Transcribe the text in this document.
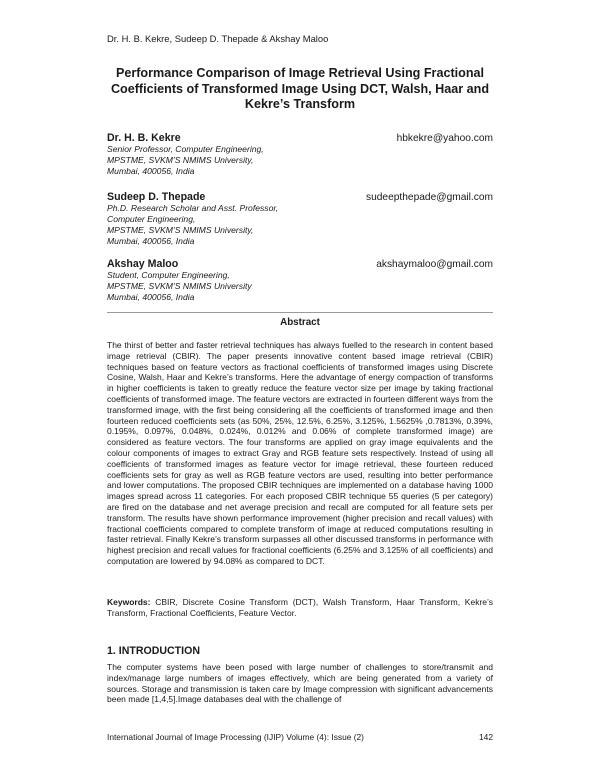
Dr. H. B. Kekre, Sudeep D. Thepade & Akshay Maloo
Performance Comparison of Image Retrieval Using Fractional Coefficients of Transformed Image Using DCT, Walsh, Haar and Kekre’s Transform
Dr. H. B. Kekre	hbkekre@yahoo.com
Senior Professor, Computer Engineering,
MPSTME, SVKM’S NMIMS University,
Mumbai, 400056, India
Sudeep D. Thepade	sudeepthepade@gmail.com
Ph.D. Research Scholar and Asst. Professor,
Computer Engineering,
MPSTME, SVKM’S NMIMS University,
Mumbai, 400056, India
Akshay Maloo	akshaymaloo@gmail.com
Student, Computer Engineering,
MPSTME, SVKM’S NMIMS University
Mumbai, 400056, India
Abstract

The thirst of better and faster retrieval techniques has always fuelled to the research in content based image retrieval (CBIR). The paper presents innovative content based image retrieval (CBIR) techniques based on feature vectors as fractional coefficients of transformed images using Discrete Cosine, Walsh, Haar and Kekre’s transforms. Here the advantage of energy compaction of transforms in higher coefficients is taken to greatly reduce the feature vector size per image by taking fractional coefficients of transformed image. The feature vectors are extracted in fourteen different ways from the transformed image, with the first being considering all the coefficients of transformed image and then fourteen reduced coefficients sets (as 50%, 25%, 12.5%, 6.25%, 3.125%, 1.5625% ,0.7813%, 0.39%, 0.195%, 0.097%, 0.048%, 0.024%, 0.012% and 0.06% of complete transformed image) are considered as feature vectors. The four transforms are applied on gray image equivalents and the colour components of images to extract Gray and RGB feature sets respectively. Instead of using all coefficients of transformed images as feature vector for image retrieval, these fourteen reduced coefficients sets for gray as well as RGB feature vectors are used, resulting into better performance and lower computations. The proposed CBIR techniques are implemented on a database having 1000 images spread across 11 categories. For each proposed CBIR technique 55 queries (5 per category) are fired on the database and net average precision and recall are computed for all feature sets per transform. The results have shown performance improvement (higher precision and recall values) with fractional coefficients compared to complete transform of image at reduced computations resulting in faster retrieval. Finally Kekre’s transform surpasses all other discussed transforms in performance with highest precision and recall values for fractional coefficients (6.25% and 3.125% of all coefficients) and computation are lowered by 94.08% as compared to DCT.

Keywords: CBIR, Discrete Cosine Transform (DCT), Walsh Transform, Haar Transform, Kekre’s Transform, Fractional Coefficients, Feature Vector.

1. INTRODUCTION

The computer systems have been posed with large number of challenges to store/transmit and index/manage large numbers of images effectively, which are being generated from a variety of sources. Storage and transmission is taken care by Image compression with significant advancements been made [1,4,5].Image databases deal with the challenge of

International Journal of Image Processing (IJIP) Volume (4): Issue (2)	142
